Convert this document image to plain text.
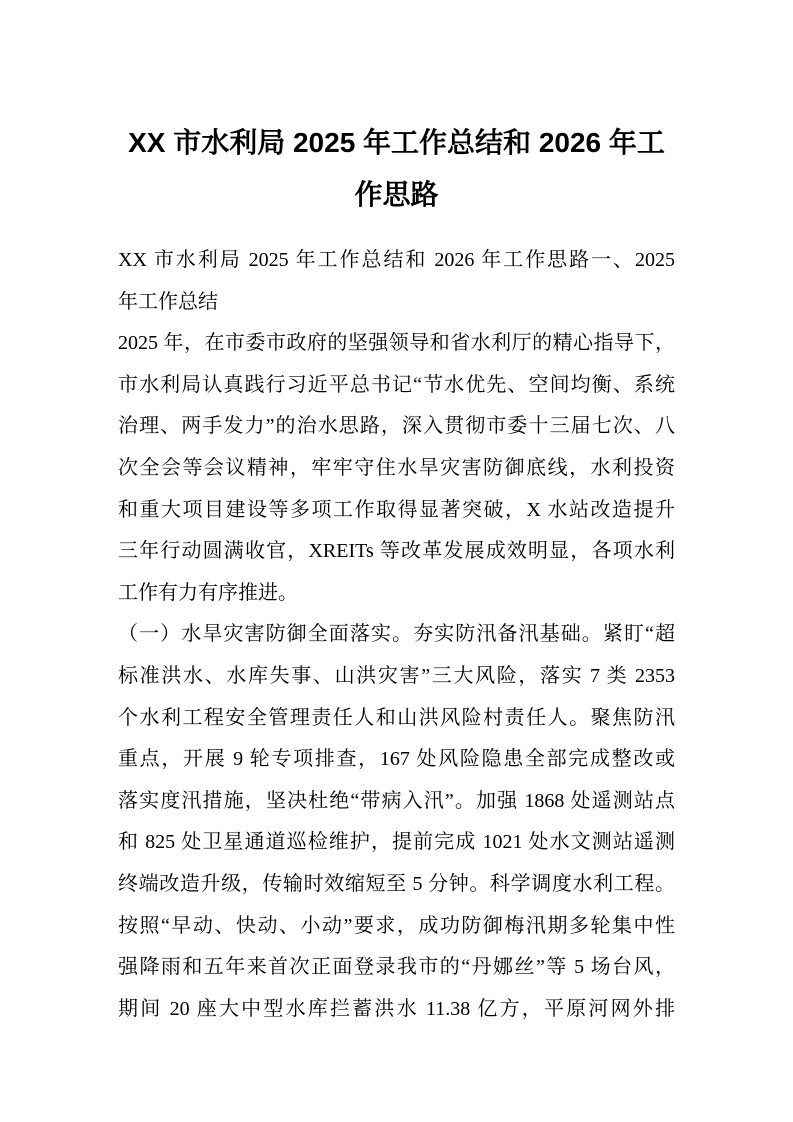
XX 市水利局 2025 年工作总结和 2026 年工
作思路
XX 市水利局 2025 年工作总结和 2026 年工作思路一、2025
年工作总结
2025 年，在市委市政府的坚强领导和省水利厅的精心指导下，
市水利局认真践行习近平总书记“节水优先、空间均衡、系统
治理、两手发力”的治水思路，深入贯彻市委十三届七次、八
次全会等会议精神，牢牢守住水旱灾害防御底线，水利投资
和重大项目建设等多项工作取得显著突破，X 水站改造提升
三年行动圆满收官，XREITs 等改革发展成效明显，各项水利
工作有力有序推进。
（一）水旱灾害防御全面落实。夯实防汛备汛基础。紧盯“超
标准洪水、水库失事、山洪灾害”三大风险，落实 7 类 2353
个水利工程安全管理责任人和山洪风险村责任人。聚焦防汛
重点，开展 9 轮专项排查，167 处风险隐患全部完成整改或
落实度汛措施，坚决杜绝“带病入汛”。加强 1868 处遥测站点
和 825 处卫星通道巡检维护，提前完成 1021 处水文测站遥测
终端改造升级，传输时效缩短至 5 分钟。科学调度水利工程。
按照“早动、快动、小动”要求，成功防御梅汛期多轮集中性
强降雨和五年来首次正面登录我市的“丹娜丝”等 5 场台风，
期间 20 座大中型水库拦蓄洪水 11.38 亿方，平原河网外排
